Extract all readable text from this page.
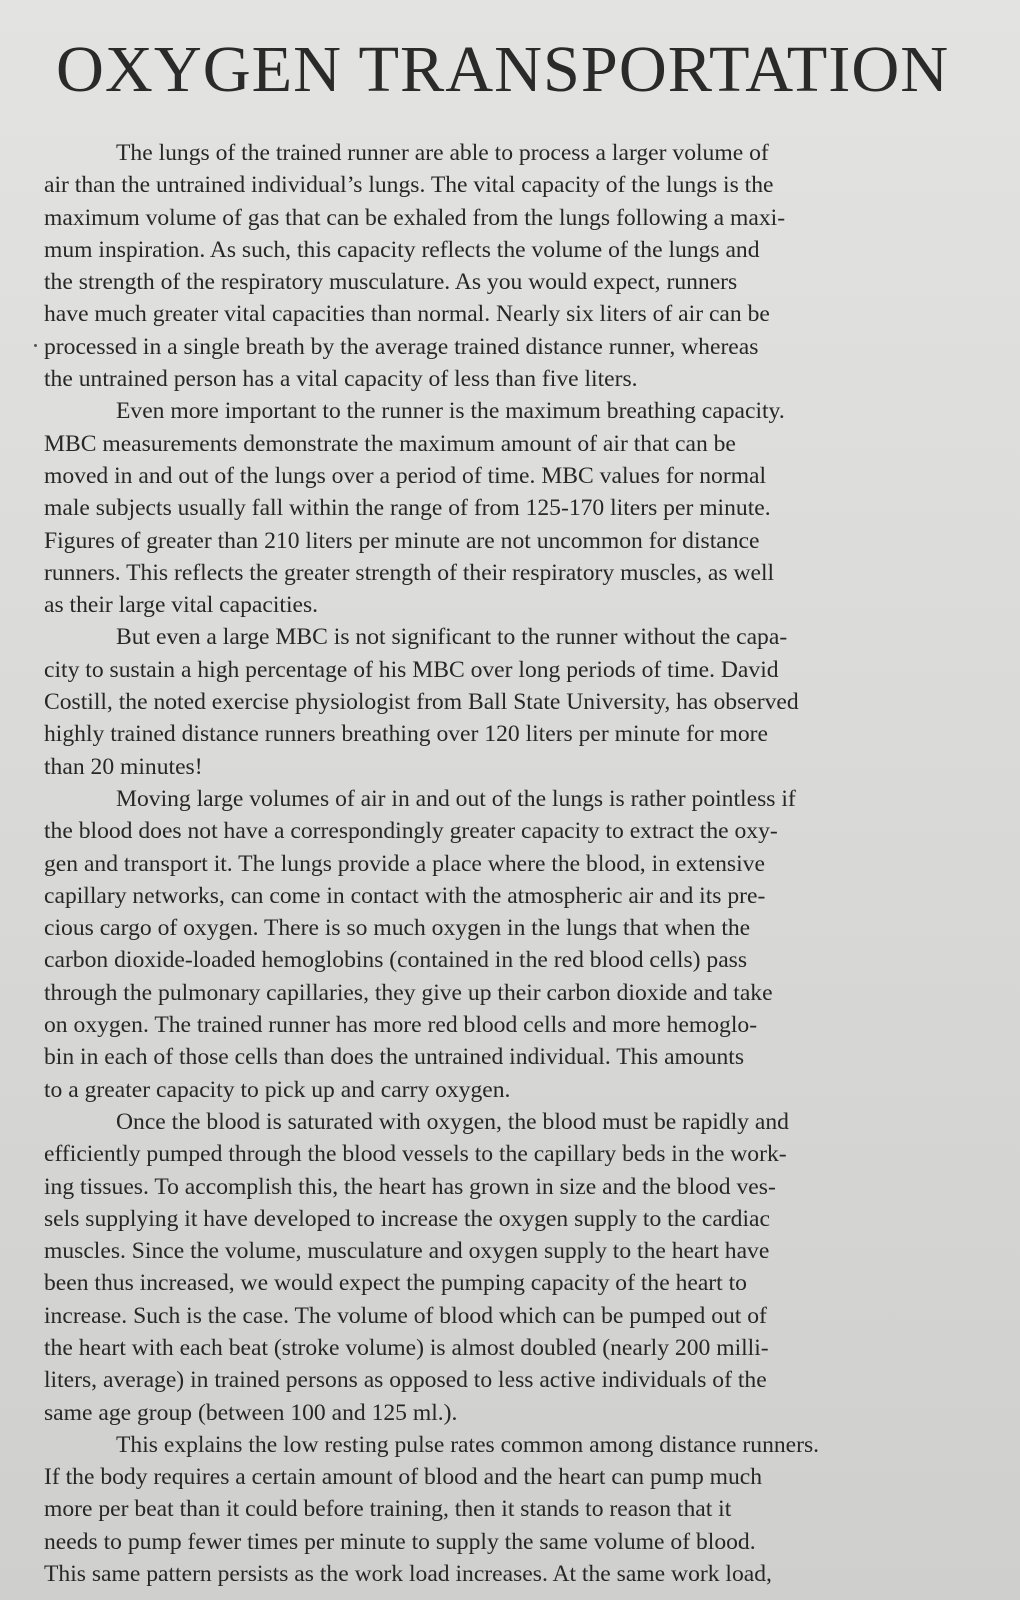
OXYGEN TRANSPORTATION
The lungs of the trained runner are able to process a larger volume of
air than the untrained individual’s lungs. The vital capacity of the lungs is the
maximum volume of gas that can be exhaled from the lungs following a maxi-
mum inspiration. As such, this capacity reflects the volume of the lungs and
the strength of the respiratory musculature. As you would expect, runners
have much greater vital capacities than normal. Nearly six liters of air can be
processed in a single breath by the average trained distance runner, whereas
the untrained person has a vital capacity of less than five liters.
Even more important to the runner is the maximum breathing capacity.
MBC measurements demonstrate the maximum amount of air that can be
moved in and out of the lungs over a period of time. MBC values for normal
male subjects usually fall within the range of from 125-170 liters per minute.
Figures of greater than 210 liters per minute are not uncommon for distance
runners. This reflects the greater strength of their respiratory muscles, as well
as their large vital capacities.
But even a large MBC is not significant to the runner without the capa-
city to sustain a high percentage of his MBC over long periods of time. David
Costill, the noted exercise physiologist from Ball State University, has observed
highly trained distance runners breathing over 120 liters per minute for more
than 20 minutes!
Moving large volumes of air in and out of the lungs is rather pointless if
the blood does not have a correspondingly greater capacity to extract the oxy-
gen and transport it. The lungs provide a place where the blood, in extensive
capillary networks, can come in contact with the atmospheric air and its pre-
cious cargo of oxygen. There is so much oxygen in the lungs that when the
carbon dioxide-loaded hemoglobins (contained in the red blood cells) pass
through the pulmonary capillaries, they give up their carbon dioxide and take
on oxygen. The trained runner has more red blood cells and more hemoglo-
bin in each of those cells than does the untrained individual. This amounts
to a greater capacity to pick up and carry oxygen.
Once the blood is saturated with oxygen, the blood must be rapidly and
efficiently pumped through the blood vessels to the capillary beds in the work-
ing tissues. To accomplish this, the heart has grown in size and the blood ves-
sels supplying it have developed to increase the oxygen supply to the cardiac
muscles. Since the volume, musculature and oxygen supply to the heart have
been thus increased, we would expect the pumping capacity of the heart to
increase. Such is the case. The volume of blood which can be pumped out of
the heart with each beat (stroke volume) is almost doubled (nearly 200 milli-
liters, average) in trained persons as opposed to less active individuals of the
same age group (between 100 and 125 ml.).
This explains the low resting pulse rates common among distance runners.
If the body requires a certain amount of blood and the heart can pump much
more per beat than it could before training, then it stands to reason that it
needs to pump fewer times per minute to supply the same volume of blood.
This same pattern persists as the work load increases. At the same work load,
